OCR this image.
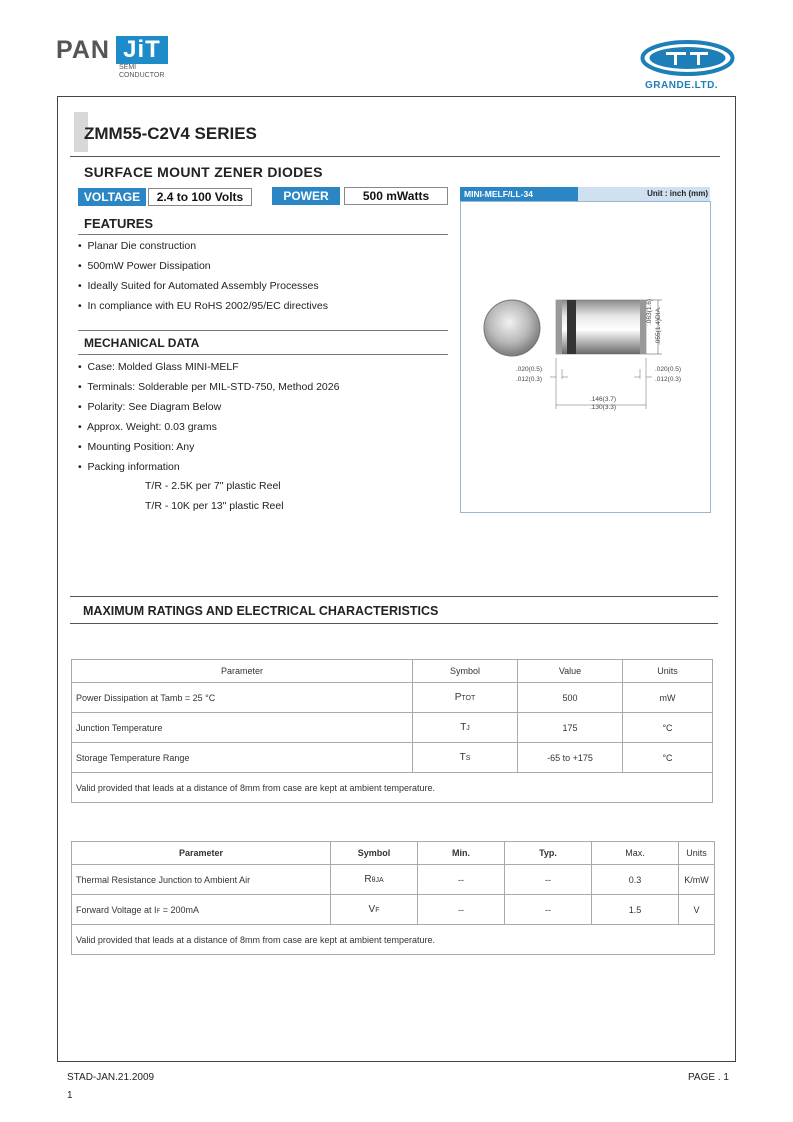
PAN JiT
SEMI
CONDUCTOR
GRANDE.LTD.
ZMM55-C2V4 SERIES
SURFACE MOUNT ZENER DIODES
VOLTAGE	2.4 to 100 Volts	POWER	500 mWatts
FEATURES
•  Planar Die construction
•  500mW Power Dissipation
•  Ideally Suited for Automated Assembly Processes
•  In compliance with EU RoHS 2002/95/EC directives
MECHANICAL DATA
•  Case: Molded Glass MINI-MELF
•  Terminals: Solderable per MIL-STD-750, Method 2026
•  Polarity: See Diagram Below
•  Approx. Weight: 0.03 grams
•  Mounting Position: Any
•  Packing information
T/R - 2.5K per 7" plastic Reel
T/R - 10K per 13" plastic Reel
MINI-MELF/LL-34	Unit : inch (mm)
.020(0.5)
.012(0.3)
.020(0.5)
.012(0.3)
.146(3.7)
.130(3.3)
.063(1.6) .055(1.4)DIA.
MAXIMUM RATINGS AND ELECTRICAL CHARACTERISTICS
Parameter	Symbol	Value	Units
Power Dissipation at Tamb = 25 °C	PTOT	500	mW
Junction Temperature	TJ	175	°C
Storage Temperature Range	TS	-65 to +175	°C
Valid provided that leads at a distance of 8mm from case are kept at ambient temperature.			
Parameter	Symbol	Min.	Typ.	Max.	Units
Thermal Resistance Junction to Ambient Air	RθJA	--	--	0.3	K/mW
Forward Voltage at IF = 200mA	VF	--	--	1.5	V
Valid provided that leads at a distance of 8mm from case are kept at ambient temperature.					
STAD-JAN.21.2009	PAGE . 1
1
